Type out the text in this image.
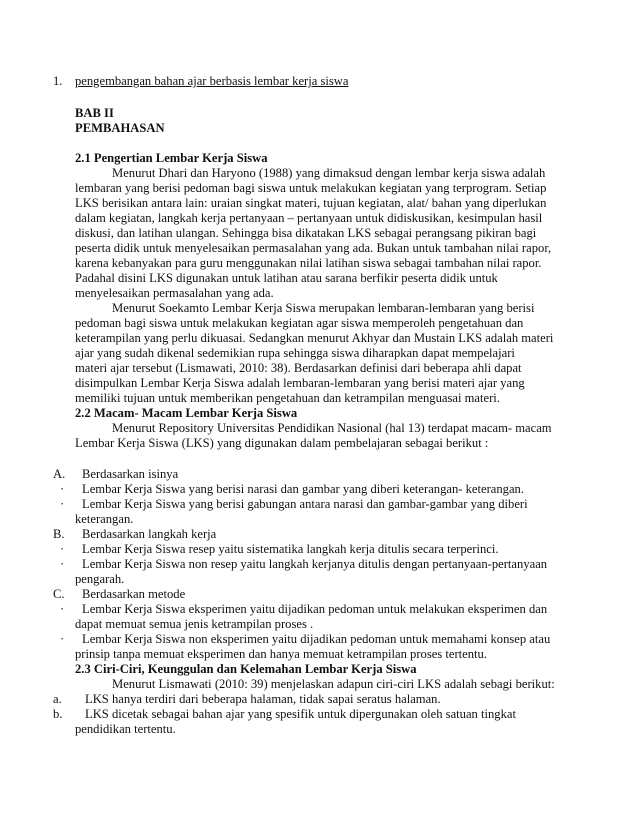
1. pengembangan bahan ajar berbasis lembar kerja siswa
BAB II
PEMBAHASAN
2.1 Pengertian Lembar Kerja Siswa
Menurut Dhari dan Haryono (1988) yang dimaksud dengan lembar kerja siswa adalah
lembaran yang berisi pedoman bagi siswa untuk melakukan kegiatan yang terprogram. Setiap
LKS berisikan antara lain: uraian singkat materi, tujuan kegiatan, alat/ bahan yang diperlukan
dalam kegiatan, langkah kerja pertanyaan – pertanyaan untuk didiskusikan, kesimpulan hasil
diskusi, dan latihan ulangan. Sehingga bisa dikatakan LKS sebagai perangsang pikiran bagi
peserta didik untuk menyelesaikan permasalahan yang ada. Bukan untuk tambahan nilai rapor,
karena kebanyakan para guru menggunakan nilai latihan siswa sebagai tambahan nilai rapor.
Padahal disini LKS digunakan untuk latihan atau sarana berfikir peserta didik untuk
menyelesaikan permasalahan yang ada.
Menurut Soekamto Lembar Kerja Siswa merupakan lembaran-lembaran yang berisi
pedoman bagi siswa untuk melakukan kegiatan agar siswa memperoleh pengetahuan dan
keterampilan yang perlu dikuasai. Sedangkan menurut Akhyar dan Mustain LKS adalah materi
ajar yang sudah dikenal sedemikian rupa sehingga siswa diharapkan dapat mempelajari
materi ajar tersebut (Lismawati, 2010: 38). Berdasarkan definisi dari beberapa ahli dapat
disimpulkan Lembar Kerja Siswa adalah lembaran-lembaran yang berisi materi ajar yang
memiliki tujuan untuk memberikan pengetahuan dan ketrampilan menguasai materi.
2.2 Macam- Macam Lembar Kerja Siswa
Menurut Repository Universitas Pendidikan Nasional (hal 13) terdapat macam- macam
Lembar Kerja Siswa (LKS) yang digunakan dalam pembelajaran sebagai berikut :
A. Berdasarkan isinya
· Lembar Kerja Siswa yang berisi narasi dan gambar yang diberi keterangan- keterangan.
· Lembar Kerja Siswa yang berisi gabungan antara narasi dan gambar-gambar yang diberi
keterangan.
B. Berdasarkan langkah kerja
· Lembar Kerja Siswa resep yaitu sistematika langkah kerja ditulis secara terperinci.
· Lembar Kerja Siswa non resep yaitu langkah kerjanya ditulis dengan pertanyaan-pertanyaan
pengarah.
C. Berdasarkan metode
· Lembar Kerja Siswa eksperimen yaitu dijadikan pedoman untuk melakukan eksperimen dan
dapat memuat semua jenis ketrampilan proses .
· Lembar Kerja Siswa non eksperimen yaitu dijadikan pedoman untuk memahami konsep atau
prinsip tanpa memuat eksperimen dan hanya memuat ketrampilan proses tertentu.
2.3 Ciri-Ciri, Keunggulan dan Kelemahan Lembar Kerja Siswa
Menurut Lismawati (2010: 39) menjelaskan adapun ciri-ciri LKS adalah sebagi berikut:
a. LKS hanya terdiri dari beberapa halaman, tidak sapai seratus halaman.
b. LKS dicetak sebagai bahan ajar yang spesifik untuk dipergunakan oleh satuan tingkat
pendidikan tertentu.
